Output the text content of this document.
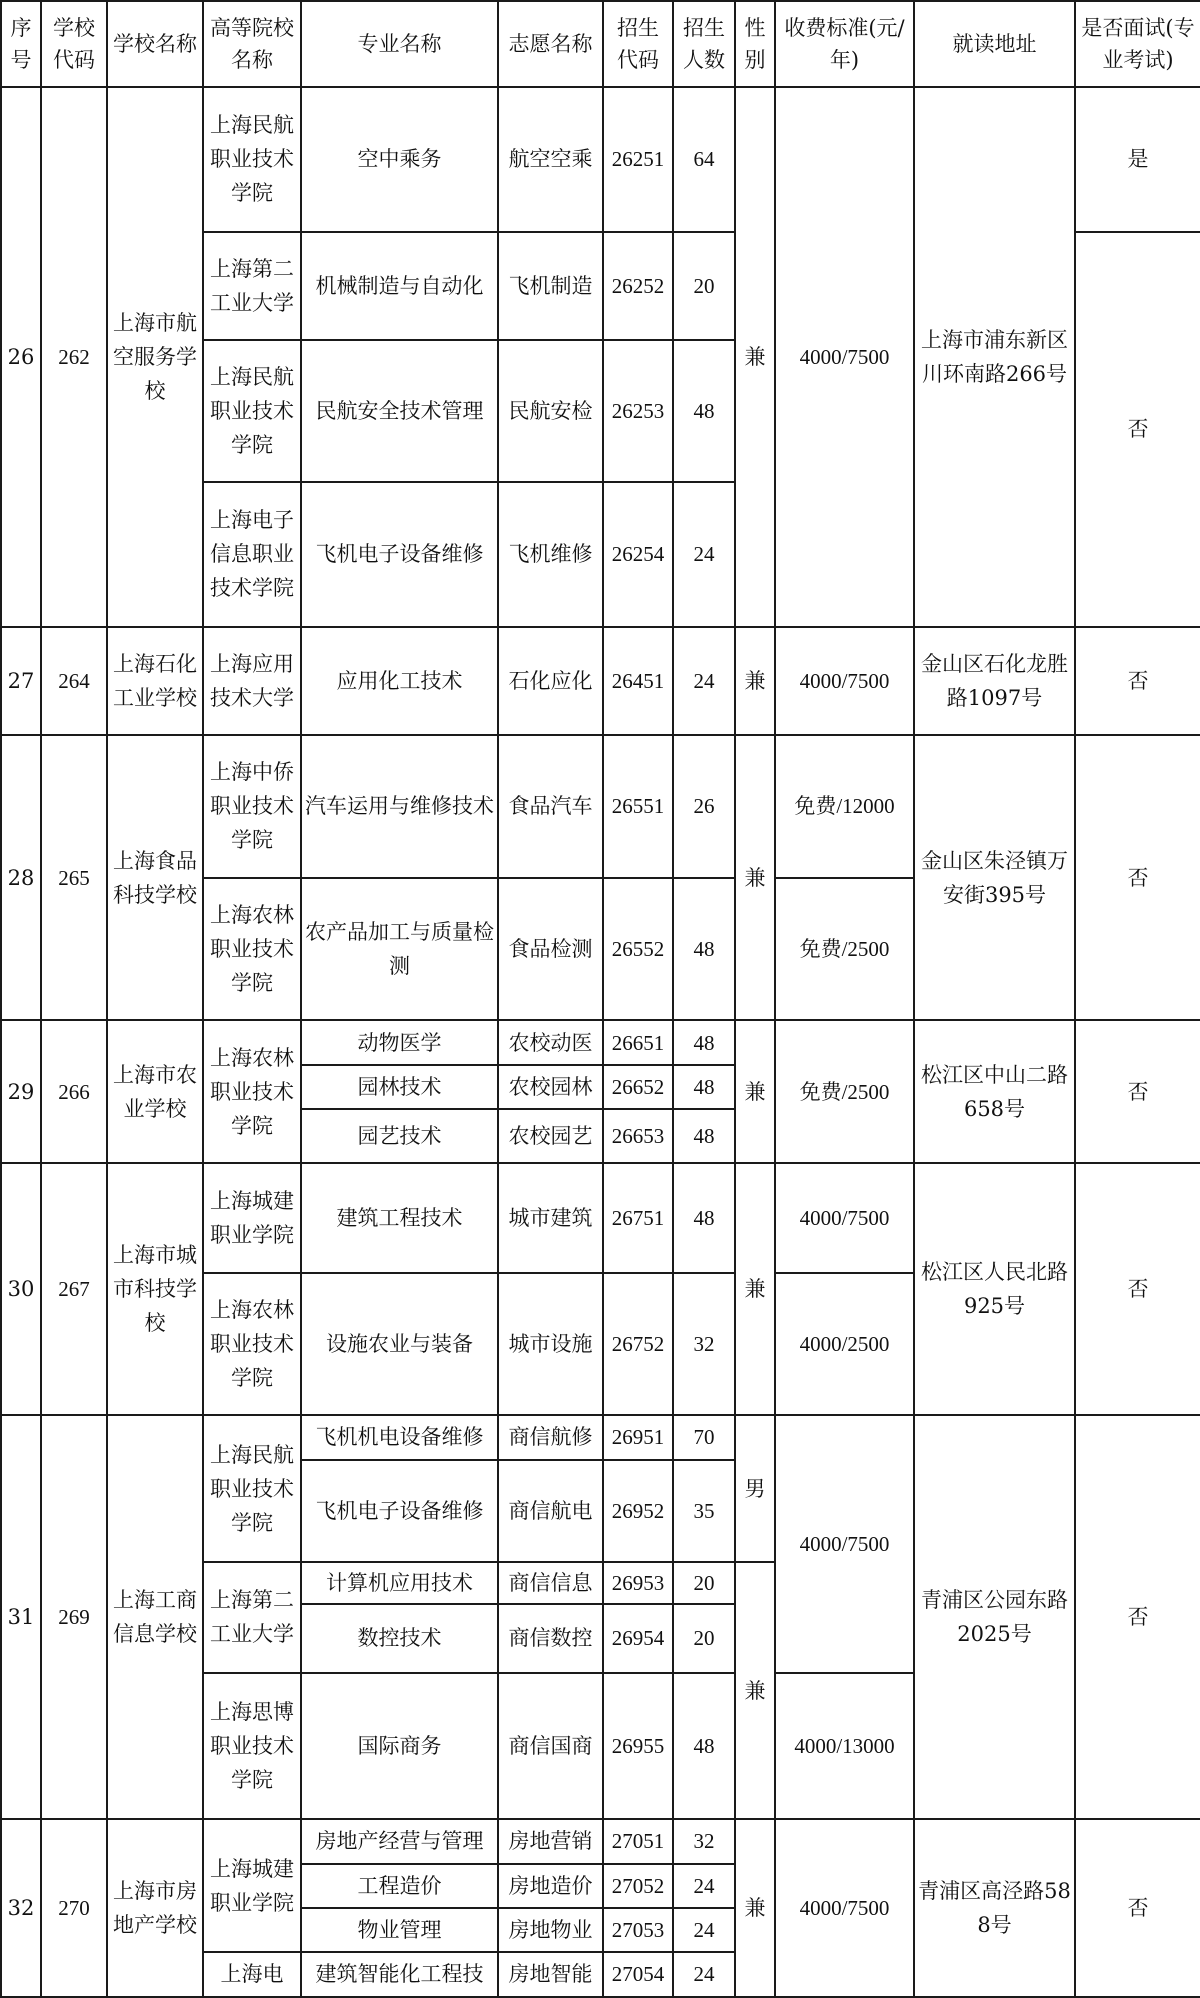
序号	学校代码	学校名称	高等院校名称	专业名称	志愿名称	招生代码	招生人数	性别	收费标准(元/年)	就读地址	是否面试(专业考试)
26	262	上海市航空服务学校	上海民航职业技术学院	空中乘务	航空空乘	26251	64	兼	4000/7500	上海市浦东新区川环南路266号	是
			上海第二工业大学	机械制造与自动化	飞机制造	26252	20				否
			上海民航职业技术学院	民航安全技术管理	民航安检	26253	48				
			上海电子信息职业技术学院	飞机电子设备维修	飞机维修	26254	24				
27	264	上海石化工业学校	上海应用技术大学	应用化工技术	石化应化	26451	24	兼	4000/7500	金山区石化龙胜路1097号	否
28	265	上海食品科技学校	上海中侨职业技术学院	汽车运用与维修技术	食品汽车	26551	26	兼	免费/12000	金山区朱泾镇万安街395号	否
			上海农林职业技术学院	农产品加工与质量检测	食品检测	26552	48		免费/2500		
29	266	上海市农业学校	上海农林职业技术学院	动物医学	农校动医	26651	48	兼	免费/2500	松江区中山二路658号	否
				园林技术	农校园林	26652	48				
				园艺技术	农校园艺	26653	48				
30	267	上海市城市科技学校	上海城建职业学院	建筑工程技术	城市建筑	26751	48	兼	4000/7500	松江区人民北路925号	否
			上海农林职业技术学院	设施农业与装备	城市设施	26752	32		4000/2500		
31	269	上海工商信息学校	上海民航职业技术学院	飞机机电设备维修	商信航修	26951	70	男	4000/7500	青浦区公园东路2025号	否
				飞机电子设备维修	商信航电	26952	35				
			上海第二工业大学	计算机应用技术	商信信息	26953	20	兼			
				数控技术	商信数控	26954	20				
			上海思博职业技术学院	国际商务	商信国商	26955	48		4000/13000		
32	270	上海市房地产学校	上海城建职业学院	房地产经营与管理	房地营销	27051	32	兼	4000/7500	青浦区高泾路588号	否
				工程造价	房地造价	27052	24				
				物业管理	房地物业	27053	24				
			上海电	建筑智能化工程技	房地智能	27054	24				
